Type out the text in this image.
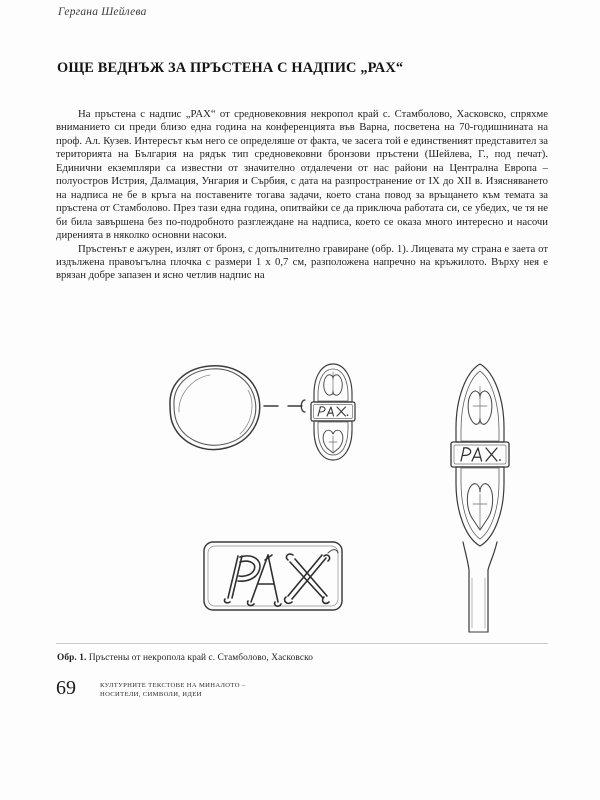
Гергана Шейлева
ОЩЕ ВЕДНЪЖ ЗА ПРЪСТЕНА С НАДПИС „РАХ“

На пръстена с надпис „PAX“ от средновековния некропол край с. Стамболово, Хасковско, спряхме вниманието си преди близо една година на конференцията във Варна, посветена на 70-годишнината на проф. Ал. Кузев. Интересът към него се определяше от факта, че засега той е единственият представител за територията на България на рядък тип средновековни бронзови пръстени (Шейлева, Г., под печат). Единични екземпляри са известни от значително отдалечени от нас райони на Централна Европа – полуостров Истрия, Далмация, Унгария и Сърбия, с дата на разпространение от IX до XII в. Изясняването на надписа не бе в кръга на поставените тогава задачи, което стана повод за връщането към темата за пръстена от Стамболово. През тази една година, опитвайки се да приключа работата си, се убедих, че тя не би била завършена без по-подробното разглеждане на надписа, което се оказа много интересно и насочи диренията в няколко основни насоки.

Пръстенът е ажурен, излят от бронз, с допълнително гравиране (обр. 1). Лицевата му страна е заета от издължена правоъгълна плочка с размери 1 х 0,7 см, разположена напречно на кръжилото. Върху нея е врязан добре запазен и ясно четлив надпис на

Обр. 1. Пръстены от некропола край с. Стамболово, Хасковско
69	КУЛТУРНИТЕ ТЕКСТОВЕ НА МИНАЛОТО –
НОСИТЕЛИ, СИМВОЛИ, ИДЕИ
